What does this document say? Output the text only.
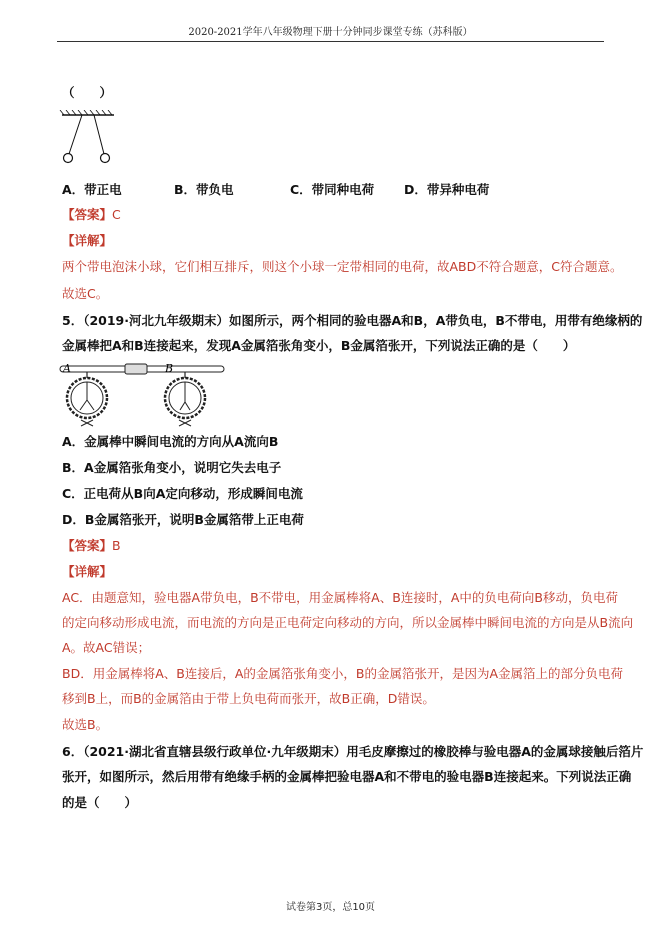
2020-2021学年八年级物理下册十分钟同步课堂专练（苏科版）
（　　）
A．带正电	B．带负电	C．带同种电荷 D．带异种电荷
【答案】C
【详解】
两个带电泡沫小球，它们相互排斥，则这个小球一定带相同的电荷，故ABD不符合题意，C符合题意。
故选C。
5．（2019·河北九年级期末）如图所示，两个相同的验电器A和B，A带负电，B不带电，用带有绝缘柄的
金属棒把A和B连接起来，发现A金属箔张角变小，B金属箔张开，下列说法正确的是（　　）
A	B
A．金属棒中瞬间电流的方向从A流向B
B．A金属箔张角变小，说明它失去电子
C．正电荷从B向A定向移动，形成瞬间电流
D．B金属箔张开，说明B金属箔带上正电荷
【答案】B
【详解】
AC．由题意知，验电器A带负电，B不带电，用金属棒将A、B连接时，A中的负电荷向B移动，负电荷
的定向移动形成电流，而电流的方向是正电荷定向移动的方向，所以金属棒中瞬间电流的方向是从B流向
A。故AC错误；
BD．用金属棒将A、B连接后，A的金属箔张角变小，B的金属箔张开，是因为A金属箔上的部分负电荷
移到B上，而B的金属箔由于带上负电荷而张开，故B正确，D错误。
故选B。
6．（2021·湖北省直辖县级行政单位·九年级期末）用毛皮摩擦过的橡胶棒与验电器A的金属球接触后箔片
张开，如图所示，然后用带有绝缘手柄的金属棒把验电器A和不带电的验电器B连接起来。下列说法正确
的是（　　）
试卷第3页，总10页
